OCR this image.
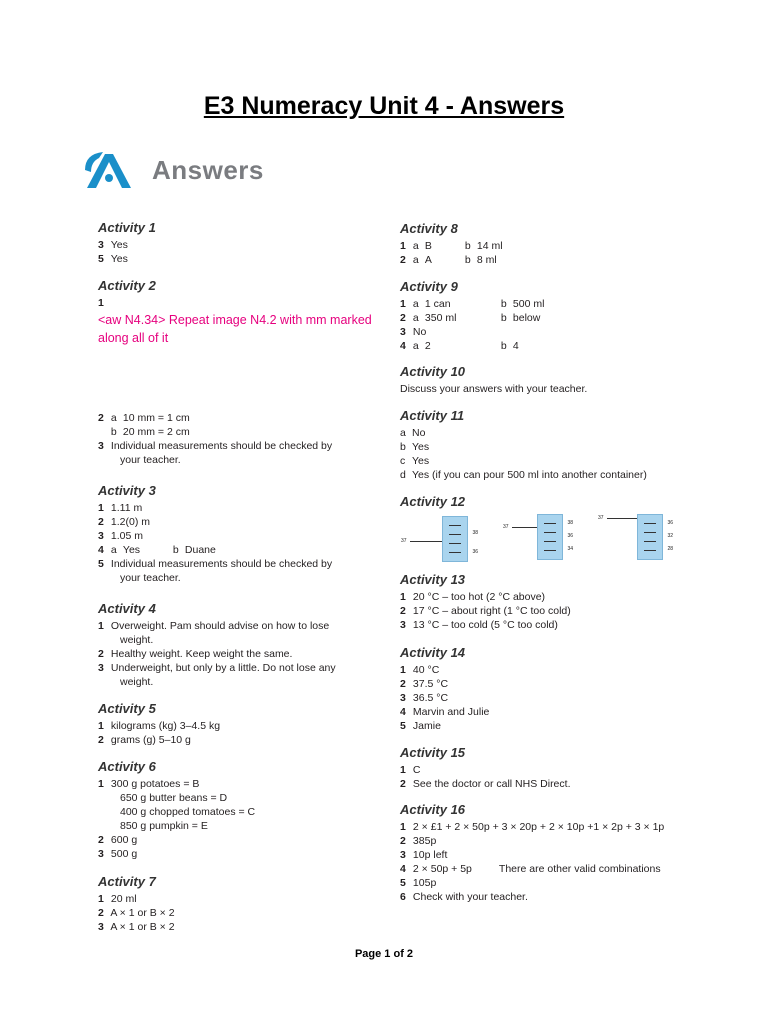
E3 Numeracy Unit 4 - Answers
Answers
Activity 1
3 Yes
5 Yes
Activity 2
1
<aw N4.34> Repeat image N4.2 with mm marked along all of it
2 a 10 mm = 1 cm
b 20 mm = 2 cm
3 Individual measurements should be checked by
your teacher.
Activity 3
1 1.11 m
2 1.2(0) m
3 1.05 m
4 a Yes	b Duane
5 Individual measurements should be checked by
your teacher.
Activity 4
1 Overweight. Pam should advise on how to lose
weight.
2 Healthy weight. Keep weight the same.
3 Underweight, but only by a little. Do not lose any
weight.
Activity 5
1 kilograms (kg) 3–4.5 kg
2 grams (g) 5–10 g
Activity 6
1 300 g potatoes = B
650 g butter beans = D
400 g chopped tomatoes = C
850 g pumpkin = E
2 600 g
3 500 g
Activity 7
1 20 ml
2 A × 1 or B × 2
3 A × 1 or B × 2
Activity 8
1 a B	b 14 ml
2 a A	b 8 ml
Activity 9
1 a 1 can	b 500 ml
2 a 350 ml	b below
3 No
4 a 2	b 4
Activity 10
Discuss your answers with your teacher.
Activity 11
a No
b Yes
c Yes
d Yes (if you can pour 500 ml into another container)
Activity 12
37
38
36
37
38
36
34
37
36
32
28
Activity 13
1 20 °C – too hot (2 °C above)
2 17 °C – about right (1 °C too cold)
3 13 °C – too cold (5 °C too cold)
Activity 14
1 40 °C
2 37.5 °C
3 36.5 °C
4 Marvin and Julie
5 Jamie
Activity 15
1 C
2 See the doctor or call NHS Direct.
Activity 16
1 2 × £1 + 2 × 50p + 3 × 20p + 2 × 10p +1 × 2p + 3 × 1p
2 385p
3 10p left
4 2 × 50p + 5p	There are other valid combinations
5 105p
6 Check with your teacher.
Page 1 of 2
